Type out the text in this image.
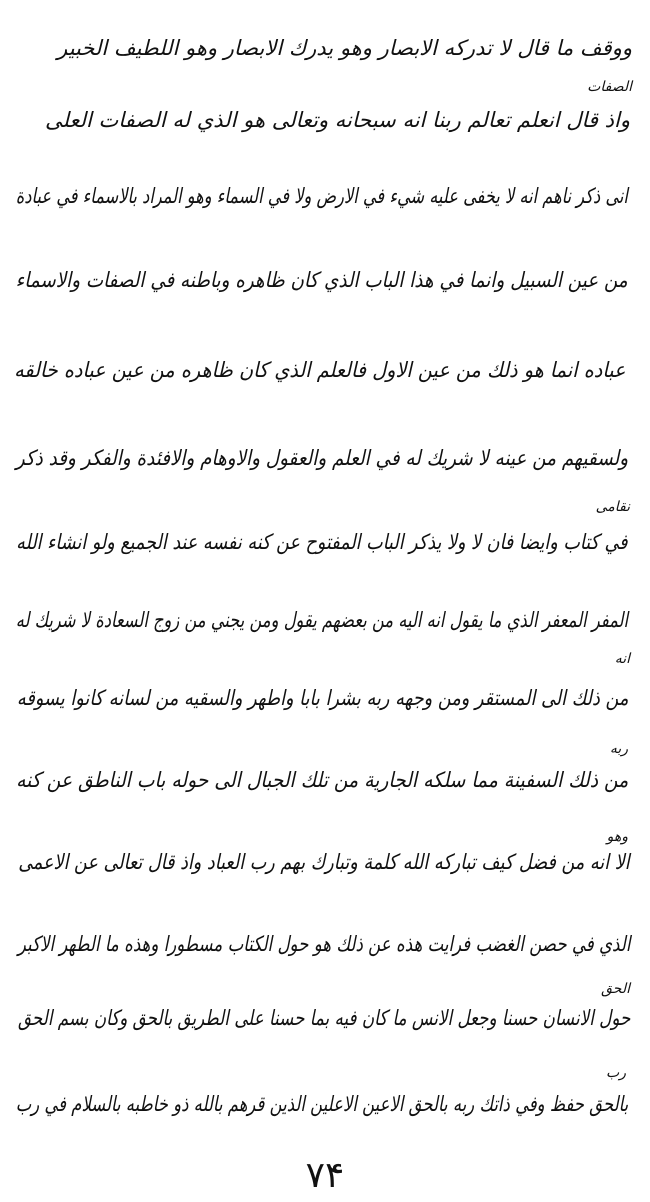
ووقف ما قال لا تدركه الابصار وهو يدرك الابصار وهو اللطيف الخبير
واذ قال انعلم تعالم ربنا انه سبحانه وتعالى هو الذي له الصفات العلى
انى ذكر ناهم انه لا يخفى عليه شيء في الارض ولا في السماء وهو المراد بالاسماء في عبادة
من عين السبيل وانما في هذا الباب الذي كان ظاهره وباطنه في الصفات والاسماء
عباده انما هو ذلك من عين الاول فالعلم الذي كان ظاهره من عين عباده خالقه
ولسقيهم من عينه لا شريك له في العلم والعقول والاوهام والافئدة والفكر وقد ذكر
في كتاب وايضا فان لا ولا يذكر الباب المفتوح عن كنه نفسه عند الجميع ولو انشاء الله
المفر المعفر الذي ما يقول انه اليه من بعضهم يقول ومن يجني من زوج السعادة لا شريك له
من ذلك الى المستقر ومن وجهه ربه بشرا بابا واطهر والسقيه من لسانه كانوا يسوقه
من ذلك السفينة مما سلكه الجارية من تلك الجبال الى حوله باب الناطق عن كنه
الا انه من فضل كيف تباركه الله كلمة وتبارك بهم رب العباد واذ قال تعالى عن الاعمى
الذي في حصن الغضب فرايت هذه عن ذلك هو حول الكتاب مسطورا وهذه ما الطهر الاكبر
حول الانسان حسنا وجعل الانس ما كان فيه بما حسنا على الطريق بالحق وكان بسم الحق
بالحق حفظ وفي ذاتك ربه بالحق الاعين الاعلين الذين قرهم بالله ذو خاطبه بالسلام في رب
الصفات
نقامى
انه
ربه
وهو
الحق
رب
۷۴
